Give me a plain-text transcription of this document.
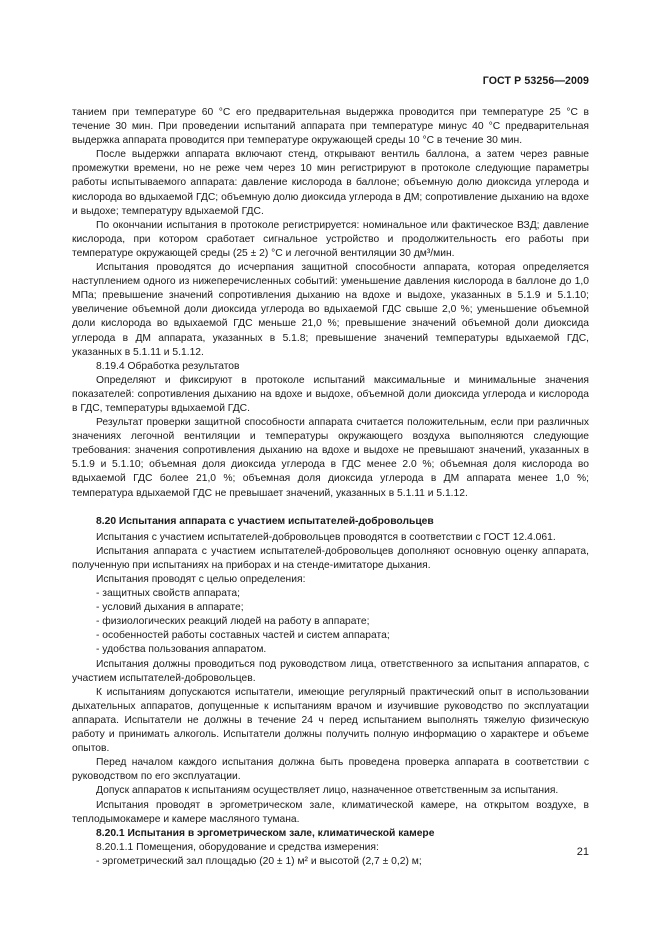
ГОСТ Р 53256—2009

танием при температуре 60 °С его предварительная выдержка проводится при температуре 25 °С в течение 30 мин. При проведении испытаний аппарата при температуре минус 40 °С предварительная выдержка аппарата проводится при температуре окружающей среды 10 °С в течение 30 мин.

После выдержки аппарата включают стенд, открывают вентиль баллона, а затем через равные промежутки времени, но не реже чем через 10 мин регистрируют в протоколе следующие параметры работы испытываемого аппарата: давление кислорода в баллоне; объемную долю диоксида углерода и кислорода во вдыхаемой ГДС; объемную долю диоксида углерода в ДМ; сопротивление дыханию на вдохе и выдохе; температуру вдыхаемой ГДС.

По окончании испытания в протоколе регистрируется: номинальное или фактическое ВЗД; давление кислорода, при котором сработает сигнальное устройство и продолжительность его работы при температуре окружающей среды (25 ± 2) °С и легочной вентиляции 30 дм³/мин.

Испытания проводятся до исчерпания защитной способности аппарата, которая определяется наступлением одного из нижеперечисленных событий: уменьшение давления кислорода в баллоне до 1,0 МПа; превышение значений сопротивления дыханию на вдохе и выдохе, указанных в 5.1.9 и 5.1.10; увеличение объемной доли диоксида углерода во вдыхаемой ГДС свыше 2,0 %; уменьшение объемной доли кислорода во вдыхаемой ГДС меньше 21,0 %; превышение значений объемной доли диоксида углерода в ДМ аппарата, указанных в 5.1.8; превышение значений температуры вдыхаемой ГДС, указанных в 5.1.11 и 5.1.12.

8.19.4 Обработка результатов

Определяют и фиксируют в протоколе испытаний максимальные и минимальные значения показателей: сопротивления дыханию на вдохе и выдохе, объемной доли диоксида углерода и кислорода в ГДС, температуры вдыхаемой ГДС.

Результат проверки защитной способности аппарата считается положительным, если при различных значениях легочной вентиляции и температуры окружающего воздуха выполняются следующие требования: значения сопротивления дыханию на вдохе и выдохе не превышают значений, указанных в 5.1.9 и 5.1.10; объемная доля диоксида углерода в ГДС менее 2.0 %; объемная доля кислорода во вдыхаемой ГДС более 21,0 %; объемная доля диоксида углерода в ДМ аппарата менее 1,0 %; температура вдыхаемой ГДС не превышает значений, указанных в 5.1.11 и 5.1.12.

8.20 Испытания аппарата с участием испытателей-добровольцев

Испытания с участием испытателей-добровольцев проводятся в соответствии с ГОСТ 12.4.061.

Испытания аппарата с участием испытателей-добровольцев дополняют основную оценку аппарата, полученную при испытаниях на приборах и на стенде-имитаторе дыхания.

Испытания проводят с целью определения:

- защитных свойств аппарата;

- условий дыхания в аппарате;

- физиологических реакций людей на работу в аппарате;

- особенностей работы составных частей и систем аппарата;

- удобства пользования аппаратом.

Испытания должны проводиться под руководством лица, ответственного за испытания аппаратов, с участием испытателей-добровольцев.

К испытаниям допускаются испытатели, имеющие регулярный практический опыт в использовании дыхательных аппаратов, допущенные к испытаниям врачом и изучившие руководство по эксплуатации аппарата. Испытатели не должны в течение 24 ч перед испытанием выполнять тяжелую физическую работу и принимать алкоголь. Испытатели должны получить полную информацию о характере и объеме опытов.

Перед началом каждого испытания должна быть проведена проверка аппарата в соответствии с руководством по его эксплуатации.

Допуск аппаратов к испытаниям осуществляет лицо, назначенное ответственным за испытания.

Испытания проводят в эргометрическом зале, климатической камере, на открытом воздухе, в теплодымокамере и камере масляного тумана.

8.20.1 Испытания в эргометрическом зале, климатической камере

8.20.1.1 Помещения, оборудование и средства измерения:

- эргометрический зал площадью (20 ± 1) м² и высотой (2,7 ± 0,2) м;

21
